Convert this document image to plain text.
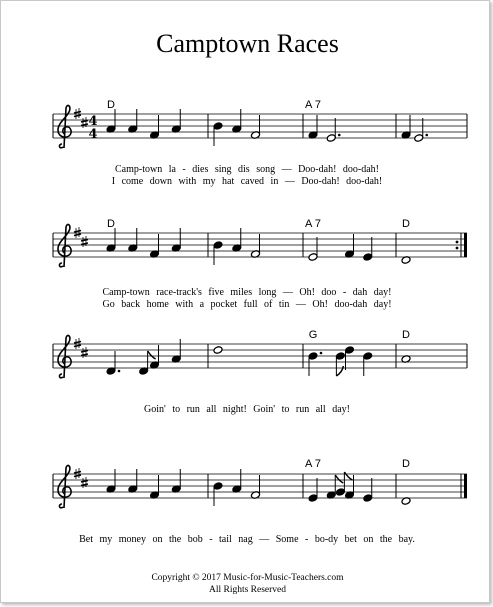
Camptown Races
4
4
D	A 7
Camp-town la - dies sing dis song — Doo-dah! doo-dah!
I come down with my hat caved in — Doo-dah! doo-dah!
D	A 7	D
Camp-town race-track's five miles long — Oh! doo - dah day!
Go back home with a pocket full of tin — Oh! doo-dah day!
G	D
Goin' to run all night! Goin' to run all day!
A 7	D
Bet my money on the bob - tail nag — Some - bo-dy bet on the bay.
Copyright © 2017 Music-for-Music-Teachers.com
All Rights Reserved
